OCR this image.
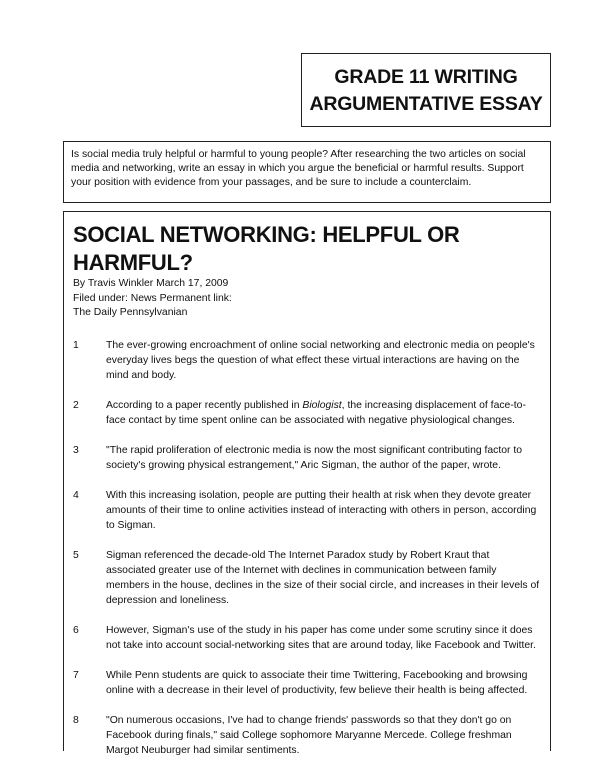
GRADE 11 WRITING
ARGUMENTATIVE ESSAY
Is social media truly helpful or harmful to young people? After researching the two articles on social media and networking, write an essay in which you argue the beneficial or harmful results. Support your position with evidence from your passages, and be sure to include a counterclaim.
SOCIAL NETWORKING: HELPFUL OR HARMFUL?
By Travis Winkler March 17, 2009
Filed under: News Permanent link:
The Daily Pennsylvanian
1	The ever-growing encroachment of online social networking and electronic media on people's everyday lives begs the question of what effect these virtual interactions are having on the mind and body.
2	According to a paper recently published in Biologist, the increasing displacement of face-to-face contact by time spent online can be associated with negative physiological changes.
3	"The rapid proliferation of electronic media is now the most significant contributing factor to society's growing physical estrangement," Aric Sigman, the author of the paper, wrote.
4	With this increasing isolation, people are putting their health at risk when they devote greater amounts of their time to online activities instead of interacting with others in person, according to Sigman.
5	Sigman referenced the decade-old The Internet Paradox study by Robert Kraut that associated greater use of the Internet with declines in communication between family members in the house, declines in the size of their social circle, and increases in their levels of depression and loneliness.
6	However, Sigman's use of the study in his paper has come under some scrutiny since it does not take into account social-networking sites that are around today, like Facebook and Twitter.
7	While Penn students are quick to associate their time Twittering, Facebooking and browsing online with a decrease in their level of productivity, few believe their health is being affected.
8	"On numerous occasions, I've had to change friends' passwords so that they don't go on Facebook during finals," said College sophomore Maryanne Mercede. College freshman Margot Neuburger had similar sentiments.
